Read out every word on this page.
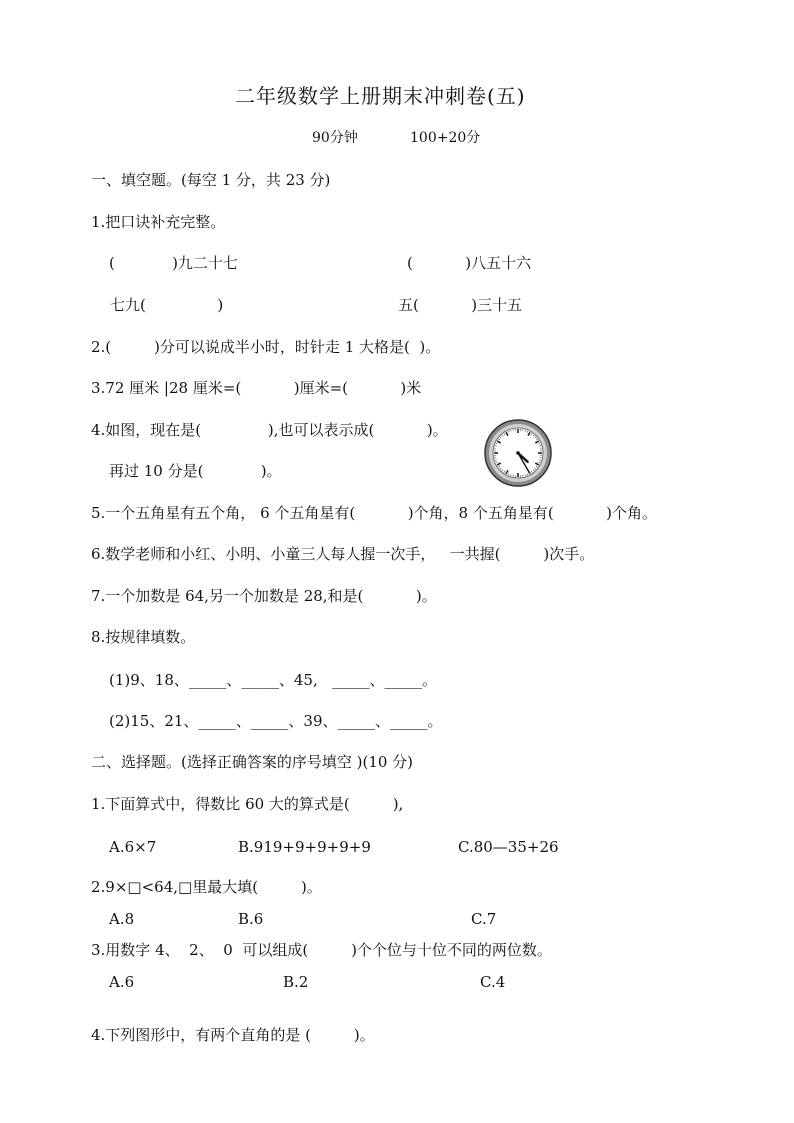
二年级数学上册期末冲刺卷(五)
90分钟	100+20分
一、填空题。(每空 1 分，共 23 分)
1.把口诀补充完整。
(            )九二十七	(           )八五十六
七九(               )	五(           )三十五
2.(         )分可以说成半小时，时针走 1 大格是(  )。
3.72 厘米 |28 厘米=(           )厘米=(           )米
4.如图，现在是(              ),也可以表示成(           )。
再过 10 分是(            )。
5.一个五角星有五个角， 6 个五角星有(           )个角，8 个五角星有(           )个角。
6.数学老师和小红、小明、小童三人每人握一次手，   一共握(         )次手。
7.一个加数是 64,另一个加数是 28,和是(           )。
8.按规律填数。
(1)9、18、_____、_____、45,   _____、_____。
(2)15、21、_____、_____、39、_____、_____。
二、选择题。(选择正确答案的序号填空 )(10 分)
1.下面算式中，得数比 60 大的算式是(         ),
A.6×7	B.919+9+9+9+9	C.80—35+26
2.9×□<64,□里最大填(         )。
A.8	B.6	C.7
3.用数字 4、  2、  0  可以组成(         )个个位与十位不同的两位数。
A.6	B.2	C.4
4.下列图形中，有两个直角的是 (         )。
